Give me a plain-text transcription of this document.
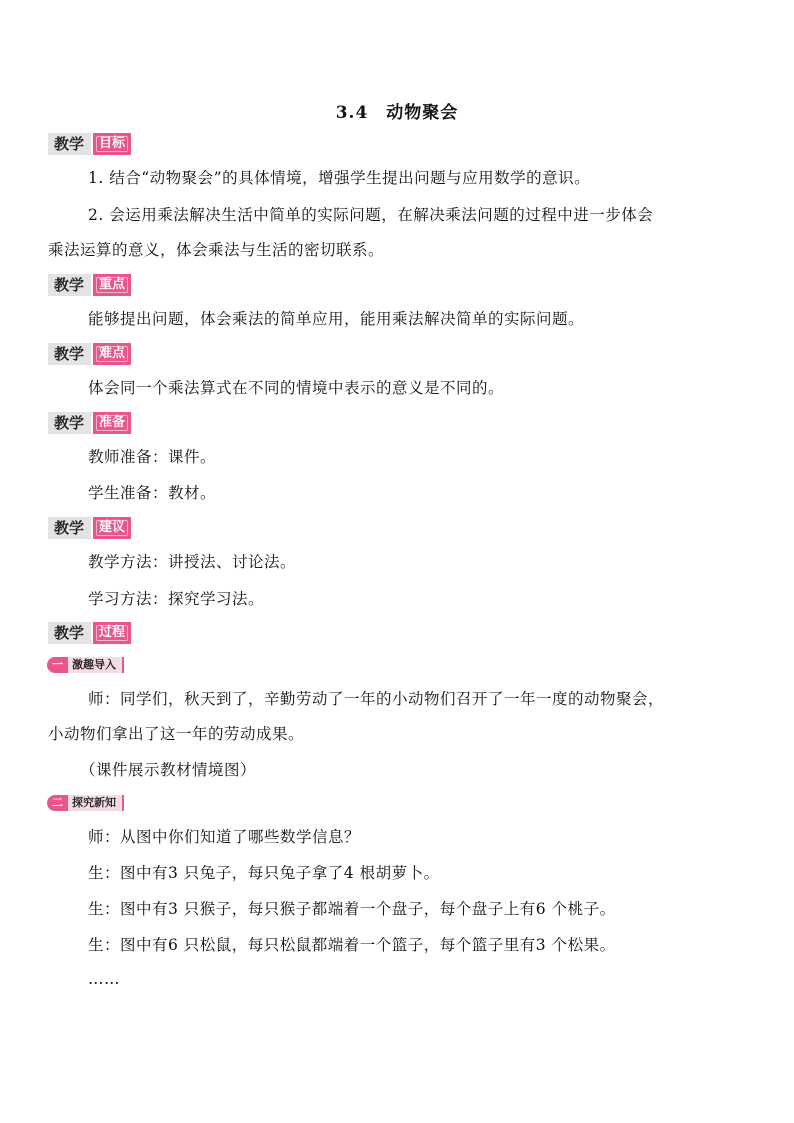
3.4　动物聚会
教学	目标
1. 结合“动物聚会”的具体情境，增强学生提出问题与应用数学的意识。
2. 会运用乘法解决生活中简单的实际问题，在解决乘法问题的过程中进一步体会
乘法运算的意义，体会乘法与生活的密切联系。
教学	重点
能够提出问题，体会乘法的简单应用，能用乘法解决简单的实际问题。
教学	难点
体会同一个乘法算式在不同的情境中表示的意义是不同的。
教学	准备
教师准备：课件。
学生准备：教材。
教学	建议
教学方法：讲授法、讨论法。
学习方法：探究学习法。
教学	过程
一 激趣导入
师：同学们，秋天到了，辛勤劳动了一年的小动物们召开了一年一度的动物聚会，
小动物们拿出了这一年的劳动成果。
（课件展示教材情境图）
二 探究新知
师：从图中你们知道了哪些数学信息？
生：图中有3 只兔子，每只兔子拿了4 根胡萝卜。
生：图中有3 只猴子，每只猴子都端着一个盘子，每个盘子上有6 个桃子。
生：图中有6 只松鼠，每只松鼠都端着一个篮子，每个篮子里有3 个松果。
……
